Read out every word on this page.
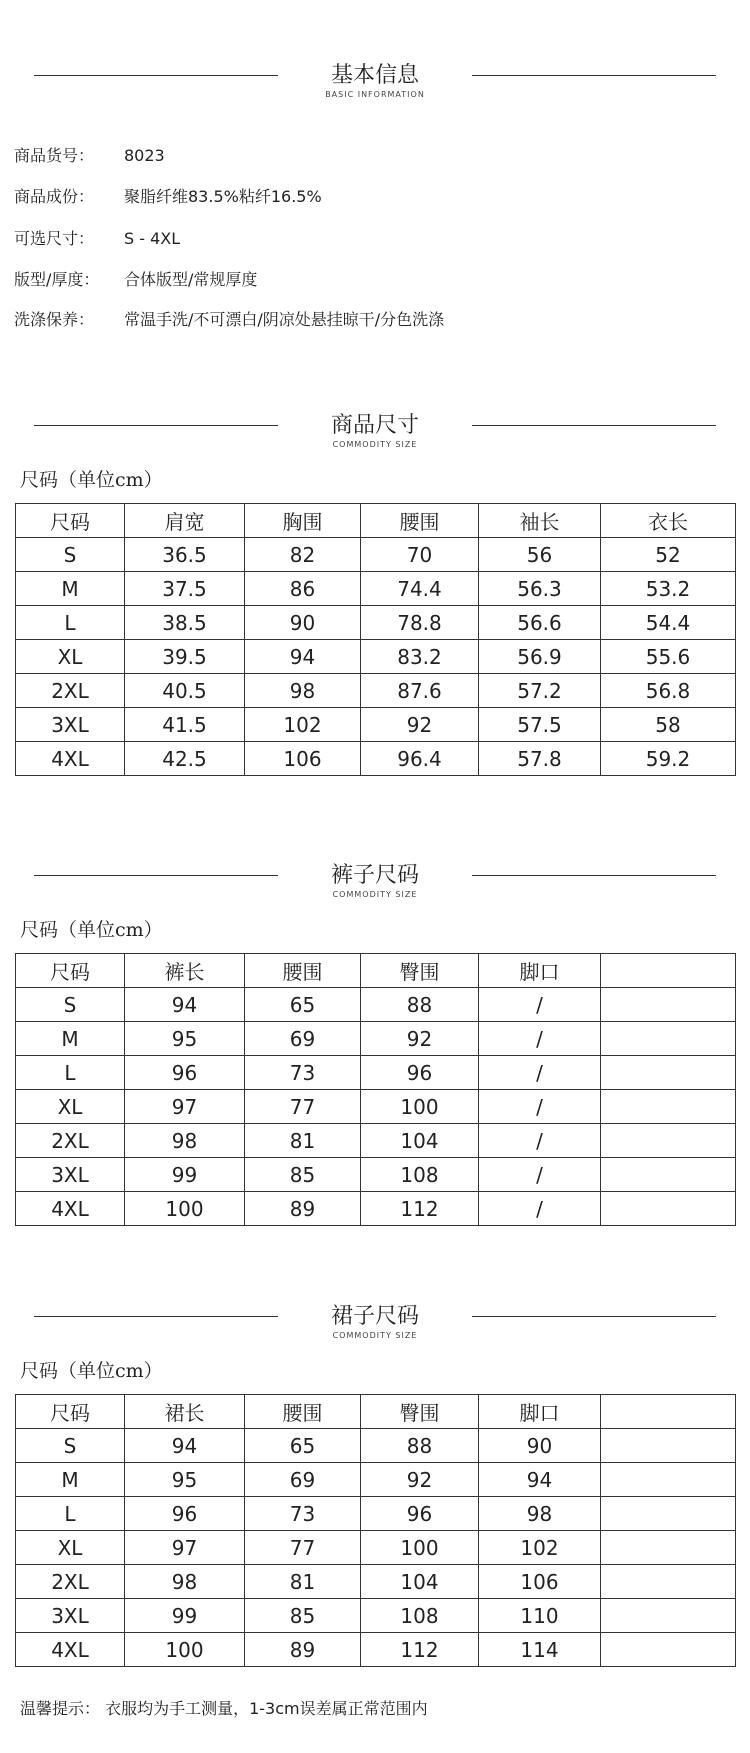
基本信息
BASIC INFORMATION
商品货号： 8023
商品成份： 聚脂纤维83.5%粘纤16.5%
可选尺寸： S - 4XL
版型/厚度： 合体版型/常规厚度
洗涤保养： 常温手洗/不可漂白/阴凉处悬挂晾干/分色洗涤
商品尺寸
COMMODITY SIZE
尺码（单位cm）
尺码	肩宽	胸围	腰围	袖长	衣长
S	36.5	82	70	56	52
M	37.5	86	74.4	56.3	53.2
L	38.5	90	78.8	56.6	54.4
XL	39.5	94	83.2	56.9	55.6
2XL	40.5	98	87.6	57.2	56.8
3XL	41.5	102	92	57.5	58
4XL	42.5	106	96.4	57.8	59.2
裤子尺码
COMMODITY SIZE
尺码（单位cm）
尺码	裤长	腰围	臀围	脚口	
S	94	65	88	/	
M	95	69	92	/	
L	96	73	96	/	
XL	97	77	100	/	
2XL	98	81	104	/	
3XL	99	85	108	/	
4XL	100	89	112	/	
裙子尺码
COMMODITY SIZE
尺码（单位cm）
尺码	裙长	腰围	臀围	脚口	
S	94	65	88	90	
M	95	69	92	94	
L	96	73	96	98	
XL	97	77	100	102	
2XL	98	81	104	106	
3XL	99	85	108	110	
4XL	100	89	112	114	
温馨提示： 衣服均为手工测量，1-3cm误差属正常范围内
